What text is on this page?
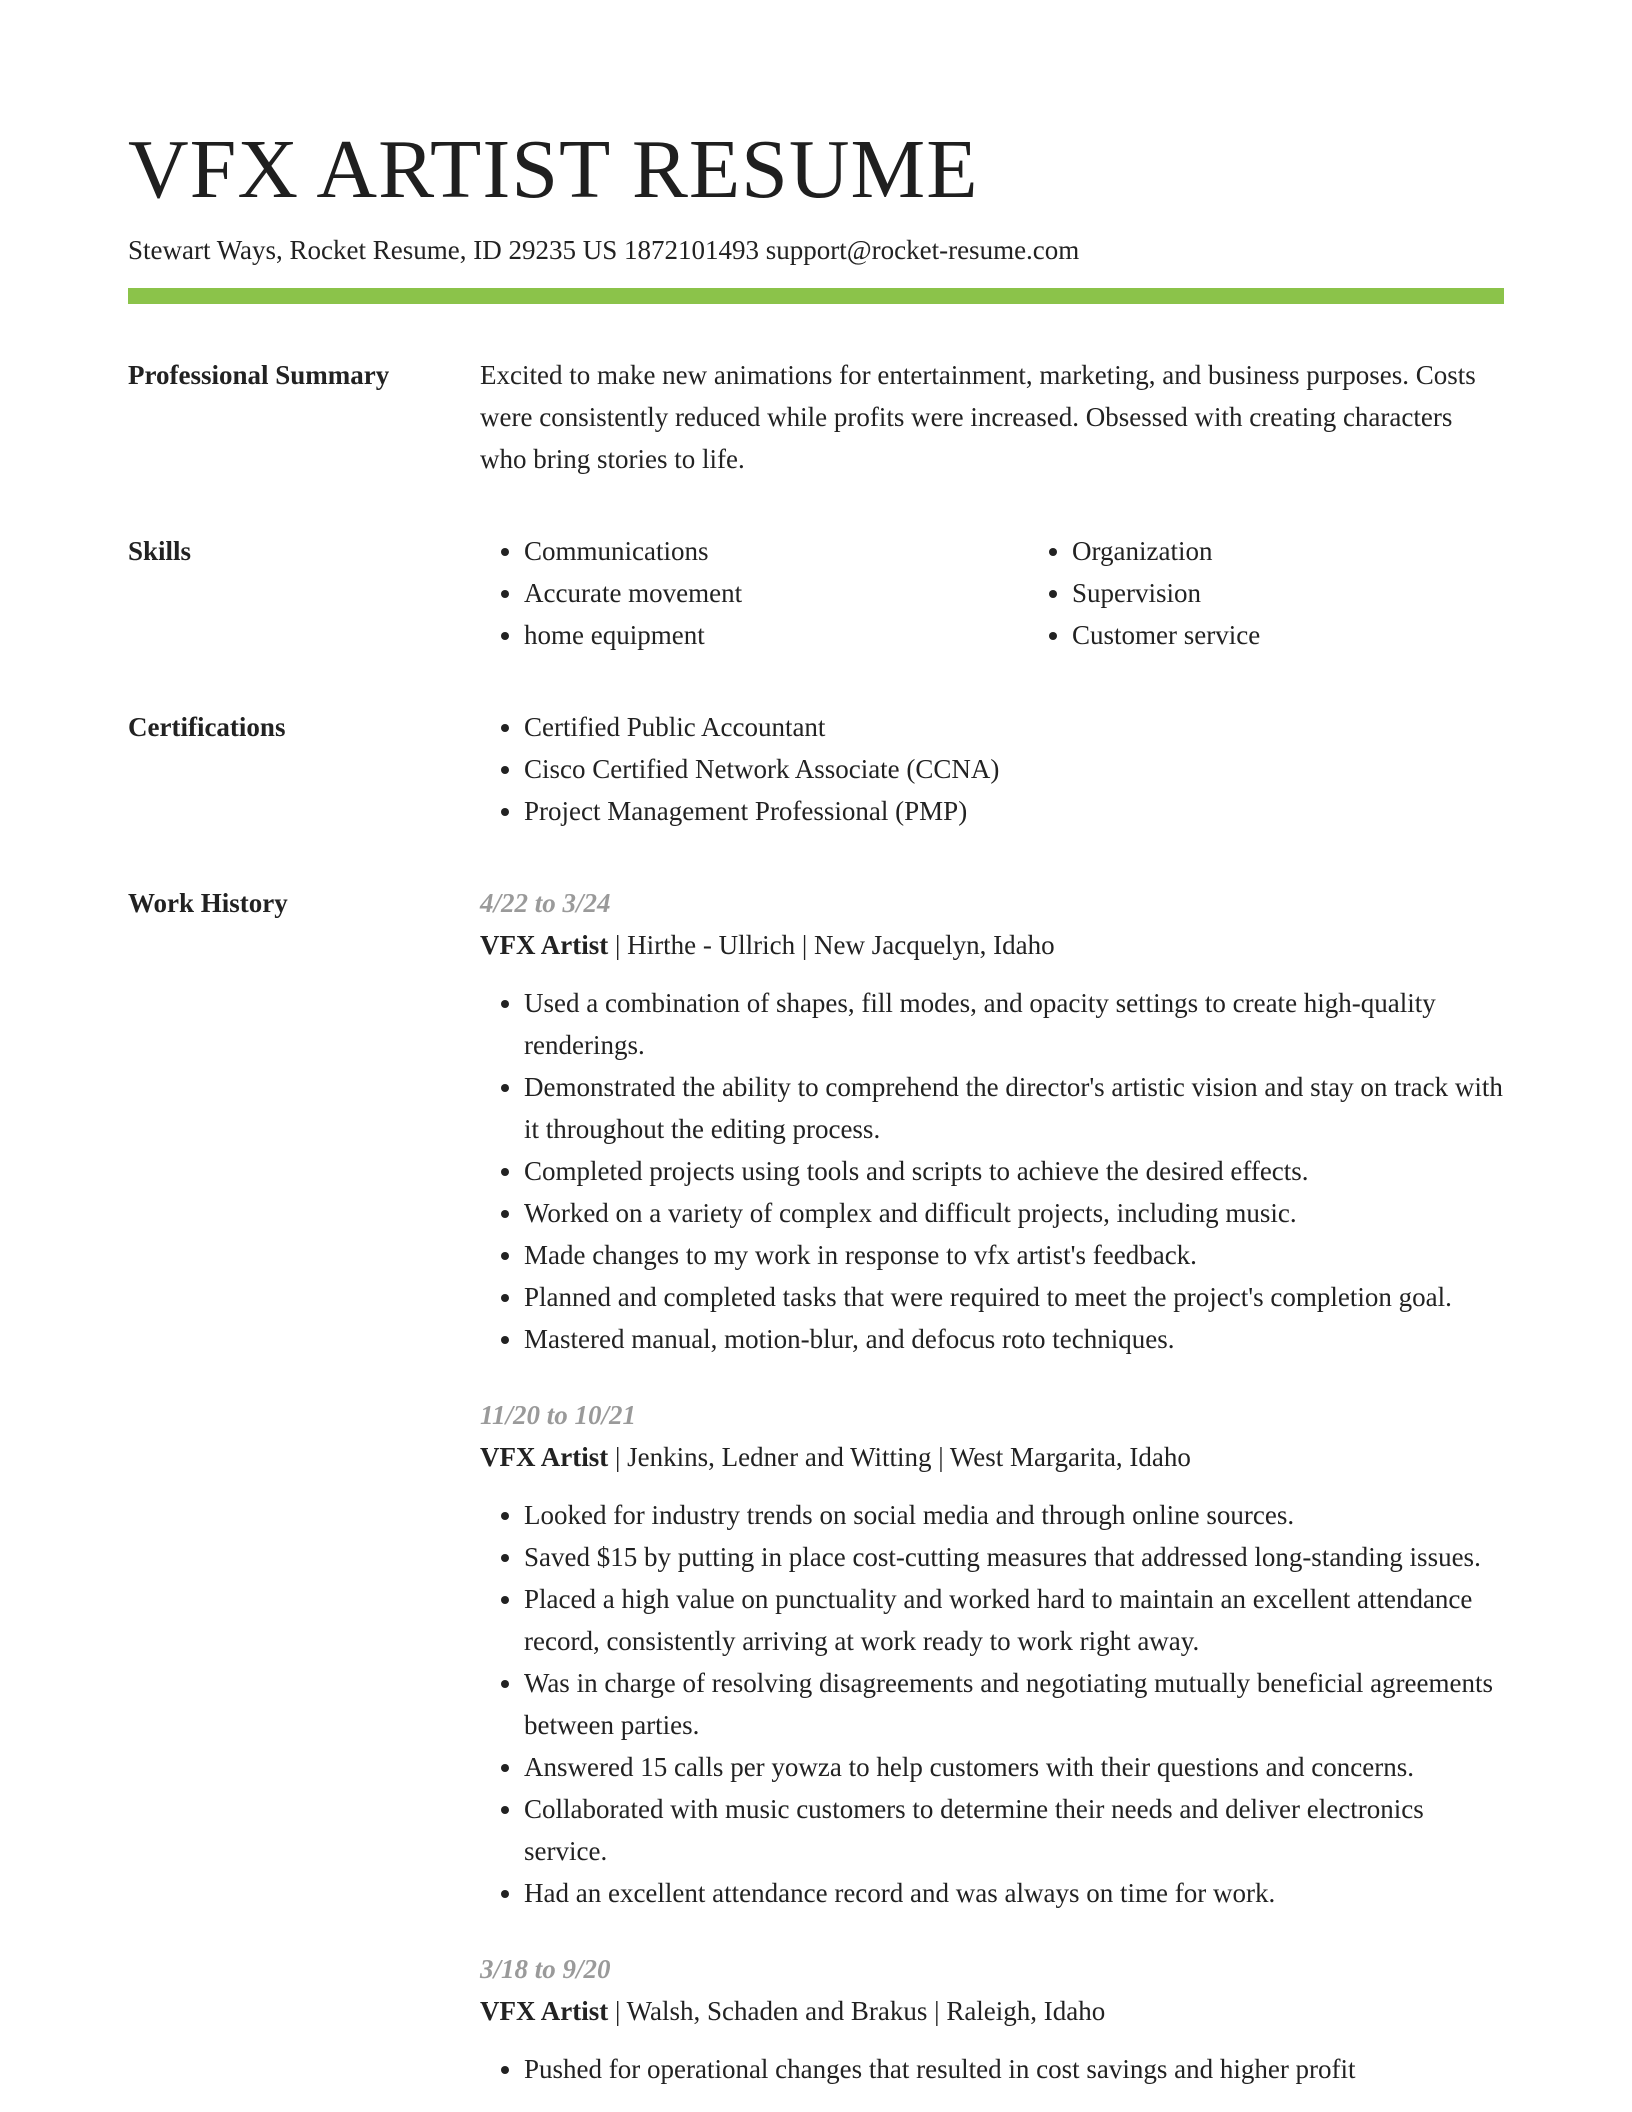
VFX ARTIST RESUME
Stewart Ways, Rocket Resume, ID 29235 US 1872101493 support@rocket-resume.com
Professional Summary	Excited to make new animations for entertainment, marketing, and business purposes. Costs were consistently reduced while profits were increased. Obsessed with creating characters who bring stories to life.

Skills	• Communications
• Accurate movement
• home equipment
• Organization
• Supervision
• Customer service
Certifications	• Certified Public Accountant
• Cisco Certified Network Associate (CCNA)
• Project Management Professional (PMP)
Work History	4/22 to 3/24
VFX Artist | Hirthe - Ullrich | New Jacquelyn, Idaho
• Used a combination of shapes, fill modes, and opacity settings to create high-quality renderings.
• Demonstrated the ability to comprehend the director's artistic vision and stay on track with it throughout the editing process.
• Completed projects using tools and scripts to achieve the desired effects.
• Worked on a variety of complex and difficult projects, including music.
• Made changes to my work in response to vfx artist's feedback.
• Planned and completed tasks that were required to meet the project's completion goal.
• Mastered manual, motion-blur, and defocus roto techniques.
11/20 to 10/21
VFX Artist | Jenkins, Ledner and Witting | West Margarita, Idaho
• Looked for industry trends on social media and through online sources.
• Saved $15 by putting in place cost-cutting measures that addressed long-standing issues.
• Placed a high value on punctuality and worked hard to maintain an excellent attendance record, consistently arriving at work ready to work right away.
• Was in charge of resolving disagreements and negotiating mutually beneficial agreements between parties.
• Answered 15 calls per yowza to help customers with their questions and concerns.
• Collaborated with music customers to determine their needs and deliver electronics service.
• Had an excellent attendance record and was always on time for work.
3/18 to 9/20
VFX Artist | Walsh, Schaden and Brakus | Raleigh, Idaho
• Pushed for operational changes that resulted in cost savings and higher profit
